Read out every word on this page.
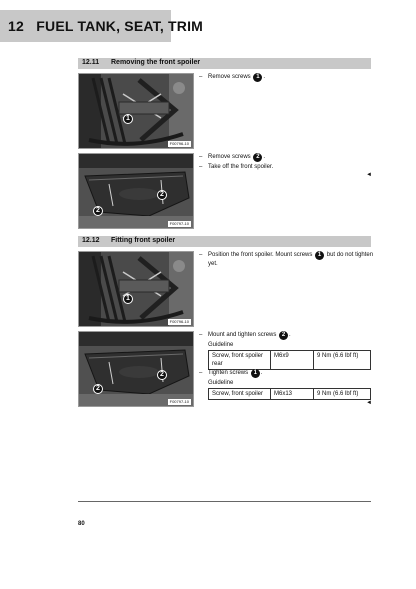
12 FUEL TANK, SEAT, TRIM
12.11 Removing the front spoiler
1
F00796-10
– Remove screws 1 .
2
2
F00797-10
– Remove screws 2 .
– Take off the front spoiler.
◄
12.12 Fitting front spoiler
1
F00796-10
– Position the front spoiler. Mount screws 1 but do not tighten
yet.
2
2
F00797-10
– Mount and tighten screws 2 .
Guideline
Screw, front spoiler
rear	M6x9	9 Nm (6.6 lbf ft)
– Tighten screws 1 .
Guideline
Screw, front spoiler	M6x13	9 Nm (6.6 lbf ft)
◄
80
